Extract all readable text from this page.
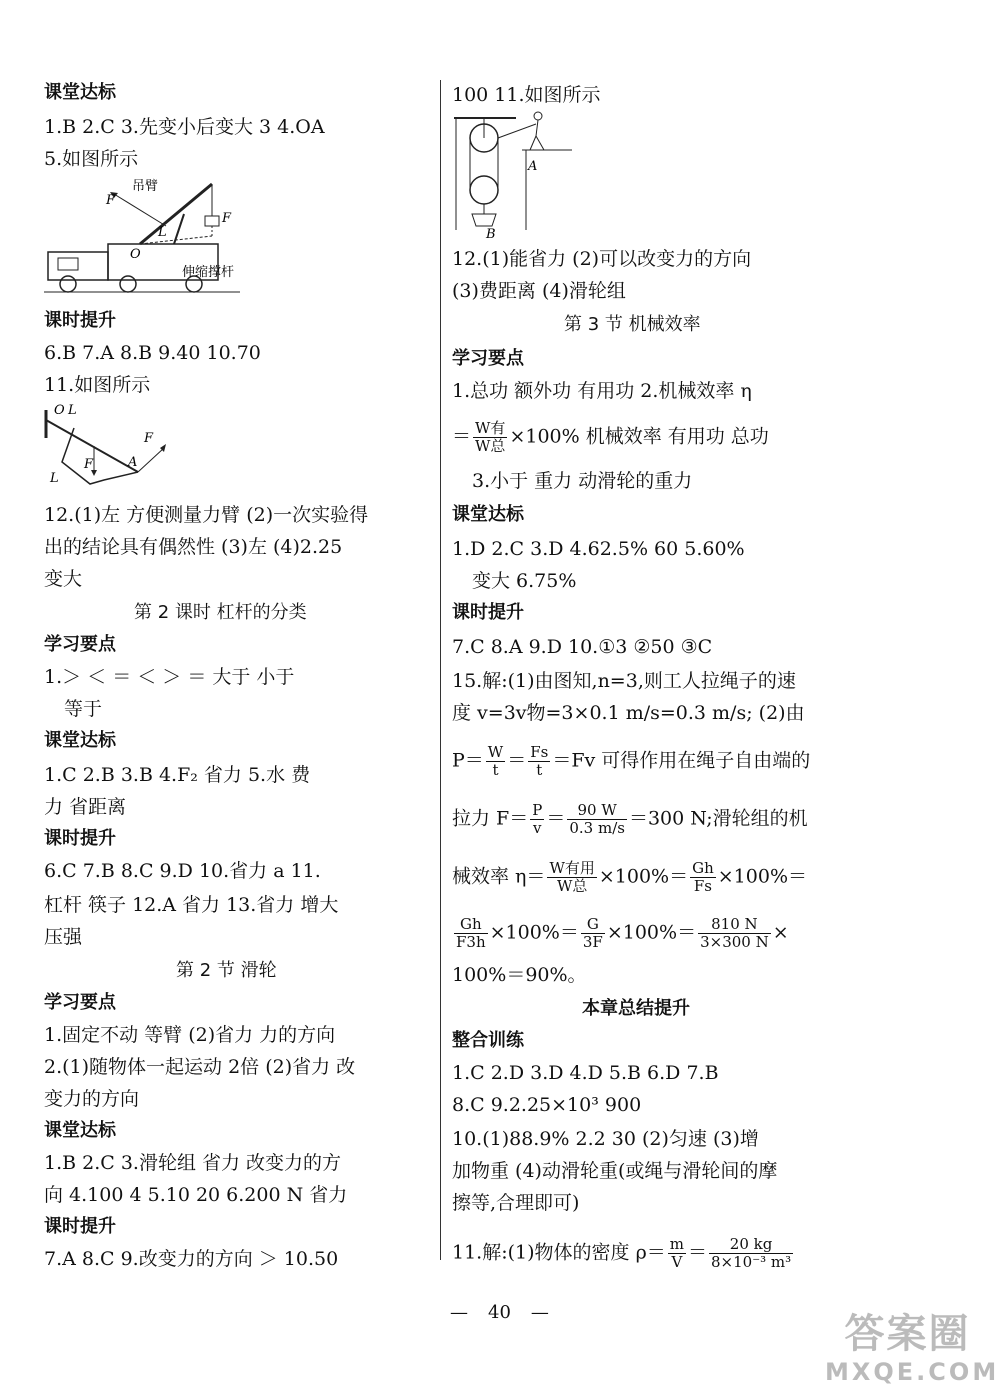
课堂达标
1.B 2.C 3.先变小后变大 3 4.OA
5.如图所示
吊臂
F
F
L
O
伸缩撑杆
课时提升
6.B 7.A 8.B 9.40 10.70
11.如图所示
O L
F
F	A
L
12.(1)左 方便测量力臂 (2)一次实验得
出的结论具有偶然性 (3)左 (4)2.25
变大
第 2 课时 杠杆的分类
学习要点
1.＞ ＜ ＝ ＜ ＞ ＝ 大于 小于
等于
课堂达标
1.C 2.B 3.B 4.F₂ 省力 5.水 费
力 省距离
课时提升
6.C 7.B 8.C 9.D 10.省力 a 11.
杠杆 筷子 12.A 省力 13.省力 增大
压强
第 2 节 滑轮
学习要点
1.固定不动 等臂 (2)省力 力的方向
2.(1)随物体一起运动 2倍 (2)省力 改
变力的方向
课堂达标
1.B 2.C 3.滑轮组 省力 改变力的方
向 4.100 4 5.10 20 6.200 N 省力
课时提升
7.A 8.C 9.改变力的方向 ＞ 10.50
100 11.如图所示
A
B
12.(1)能省力 (2)可以改变力的方向
(3)费距离 (4)滑轮组
第 3 节 机械效率
学习要点
1.总功 额外功 有用功 2.机械效率 η
＝ $\frac{\text{W有}}{\text{W总}} \times 100\%$ 机械效率 有用功 总功
3.小于 重力 动滑轮的重力
课堂达标
1.D 2.C 3.D 4.62.5% 60 5.60%
变大 6.75%
课时提升
7.C 8.A 9.D 10.①3 ②50 ③C
15.解:(1)由图知,n=3,则工人拉绳子的速
度 v=3v物=3×0.1 m/s=0.3 m/s; (2)由
$P= \frac{W}{t} = \frac{Fs}{t} =Fv$ 可得作用在绳子自由端的
拉力 $F= \frac{P}{v} = \frac{90 W}{0.3 m/s} =300$ N;滑轮组的机
械效率 $\eta= \frac{\text{W有用}}{\text{W总}} \times 100\%= \frac{Gh}{Fs} \times 100\%=$
$\frac{Gh}{F3h} \times 100\%= \frac{G}{3F} \times 100\%= \frac{810 N}{3\times 300 N}$ ×
100%＝90%。
本章总结提升
整合训练
1.C 2.D 3.D 4.D 5.B 6.D 7.B
8.C 9.2.25×10³ 900
10.(1)88.9% 2.2 30 (2)匀速 (3)增
加物重 (4)动滑轮重(或绳与滑轮间的摩
擦等,合理即可)
11.解:(1)物体的密度 $\rho= \frac{m}{V} = \frac{20 kg}{\text{8×10⁻³ m³}}$
— 40 —	答案圈
MXQE.COM
